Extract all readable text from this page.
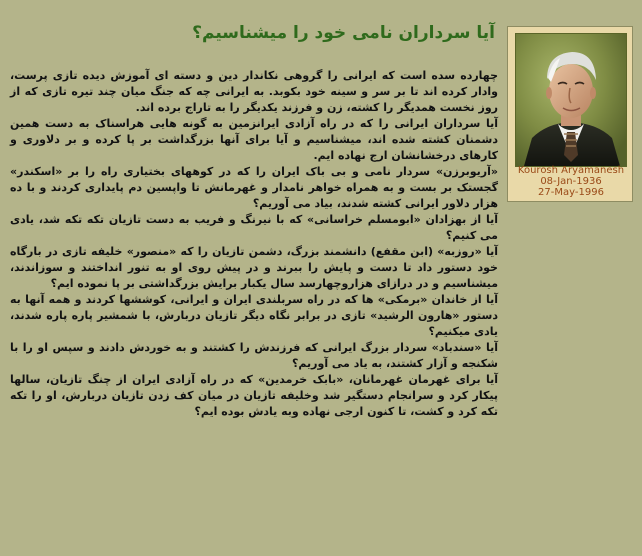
Kourosh Aryamanesh
08-Jan-1936
27-May-1996
آیا سرداران نامی خود را میشناسیم؟

چهارده سده است که ایرانی را گروهی نکاندار دین و دسته ای آموزش دیده تازی پرست، وادار کرده اند تا بر سر و سینه خود بکوبد. به ایرانی چه که جنگ میان چند تیره تازی که از روز نخست همدیگر را کشته، زن و فرزند یکدیگر را به تاراج برده اند.

آیا سرداران ایرانی را که در راه آزادی ایرانزمین به گونه هایی هراسناک به دست همین دشمنان کشته شده اند، میشناسیم و آیا برای آنها بزرگداشت بر پا کرده و بر دلاوری و کارهای درخشانشان ارج نهاده ایم.

«آریوبرزن» سردار نامی و بی باک ایران را که در کوههای بختیاری راه را بر «اسکندر» گجستک بر بست و به همراه خواهر نامدار و غهرمانش تا واپسین دم پایداری کردند و با ده هزار دلاور ایرانی کشته شدند، بیاد می آوریم؟

آیا از بهزادان «ابومسلم خراسانی» که با نیرنگ و فریب به دست تازیان تکه تکه شد، یادی می کنیم؟

آیا «روزبه» (ابن مقفع) دانشمند بزرگ، دشمن تازیان را که «منصور» خلیفه تازی در بارگاه خود دستور داد تا دست و پایش را ببرند و در پیش روی او به تنور انداختند و سوزاندند، میشناسیم و در درازای هزاروچهارسد سال یکبار برایش بزرگداشتی بر پا نموده ایم؟

آیا از خاندان «برمکی» ها که در راه سربلندی ایران و ایرانی، کوششها کردند و همه آنها به دستور «هارون الرشید» تازی در برابر نگاه دیگر تازیان دربارش، با شمشیر پاره پاره شدند، یادی میکنیم؟

آیا «سندباد» سردار بزرگ ایرانی که فرزندش را کشتند و به خوردش دادند و سپس او را با شکنجه و آزار کشتند، به یاد می آوریم؟

آیا برای غهرمان غهرمانان، «بابک خرمدین» که در راه آزادی ایران از چنگ تازیان، سالها پیکار کرد و سرانجام دستگیر شد وخلیفه تازیان در میان کف زدن تازیان دربارش، او را تکه تکه کرد و کشت، تا کنون ارجی نهاده وبه یادش بوده ایم؟
